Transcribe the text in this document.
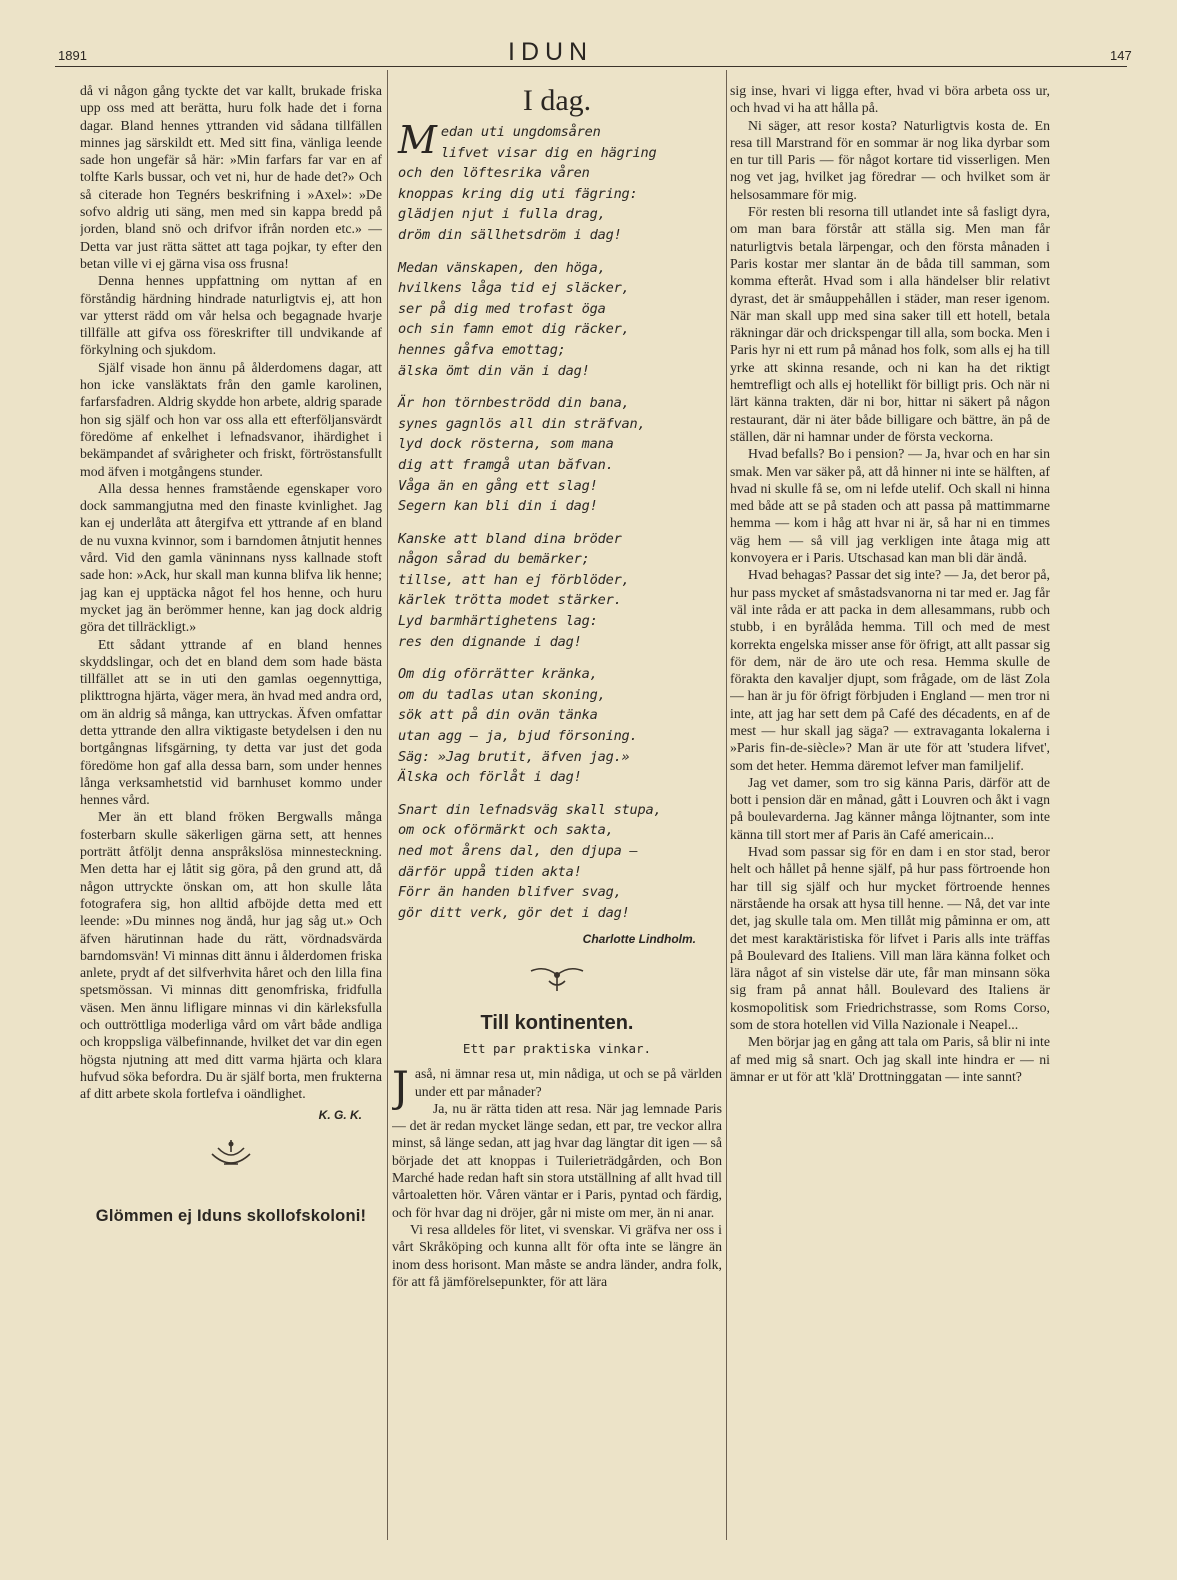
1891	IDUN	147

då vi någon gång tyckte det var kallt, brukade friska upp oss med att berätta, huru folk hade det i forna dagar. Bland hennes yttranden vid sådana tillfällen minnes jag särskildt ett. Med sitt fina, vänliga leende sade hon ungefär så här: »Min farfars far var en af tolfte Karls bussar, och vet ni, hur de hade det?» Och så citerade hon Tegnérs beskrifning i »Axel»: »De sofvo aldrig uti säng, men med sin kappa bredd på jorden, bland snö och drifvor ifrån norden etc.» — Detta var just rätta sättet att taga pojkar, ty efter den betan ville vi ej gärna visa oss frusna!

Denna hennes uppfattning om nyttan af en förståndig härdning hindrade naturligtvis ej, att hon var ytterst rädd om vår helsa och begagnade hvarje tillfälle att gifva oss föreskrifter till undvikande af förkylning och sjukdom.

Själf visade hon ännu på ålderdomens dagar, att hon icke vansläktats från den gamle karolinen, farfarsfadren. Aldrig skydde hon arbete, aldrig sparade hon sig själf och hon var oss alla ett efterföljansvärdt föredöme af enkelhet i lefnadsvanor, ihärdighet i bekämpandet af svårigheter och friskt, förtröstansfullt mod äfven i motgångens stunder.

Alla dessa hennes framstående egenskaper voro dock sammangjutna med den finaste kvinlighet. Jag kan ej underlåta att återgifva ett yttrande af en bland de nu vuxna kvinnor, som i barndomen åtnjutit hennes vård. Vid den gamla väninnans nyss kallnade stoft sade hon: »Ack, hur skall man kunna blifva lik henne; jag kan ej upptäcka något fel hos henne, och huru mycket jag än berömmer henne, kan jag dock aldrig göra det tillräckligt.»

Ett sådant yttrande af en bland hennes skyddslingar, och det en bland dem som hade bästa tillfället att se in uti den gamlas oegennyttiga, plikttrogna hjärta, väger mera, än hvad med andra ord, om än aldrig så många, kan uttryckas. Äfven omfattar detta yttrande den allra viktigaste betydelsen i den nu bortgångnas lifsgärning, ty detta var just det goda föredöme hon gaf alla dessa barn, som under hennes långa verksamhetstid vid barnhuset kommo under hennes vård.

Mer än ett bland fröken Bergwalls många fosterbarn skulle säkerligen gärna sett, att hennes porträtt åtföljt denna anspråkslösa minnesteckning. Men detta har ej låtit sig göra, på den grund att, då någon uttryckte önskan om, att hon skulle låta fotografera sig, hon alltid afböjde detta med ett leende: »Du minnes nog ändå, hur jag såg ut.» Och äfven härutinnan hade du rätt, vördnadsvärda barndomsvän! Vi minnas ditt ännu i ålderdomen friska anlete, prydt af det silfverhvita håret och den lilla fina spetsmössan. Vi minnas ditt genomfriska, fridfulla väsen. Men ännu lifligare minnas vi din kärleksfulla och outtröttliga moderliga vård om vårt både andliga och kroppsliga välbefinnande, hvilket det var din egen högsta njutning att med ditt varma hjärta och klara hufvud söka befordra. Du är själf borta, men frukterna af ditt arbete skola fortlefva i oändlighet.

K. G. K.
Glömmen ej Iduns skollofskoloni!
I dag.
M edan uti ungdomsåren
lifvet visar dig en hägring
och den löftesrika våren
knoppas kring dig uti fägring:
glädjen njut i fulla drag,
dröm din sällhetsdröm i dag!
Medan vänskapen, den höga,
hvilkens låga tid ej släcker,
ser på dig med trofast öga
och sin famn emot dig räcker,
hennes gåfva emottag;
älska ömt din vän i dag!
Är hon törnbeströdd din bana,
synes gagnlös all din sträfvan,
lyd dock rösterna, som mana
dig att framgå utan băfvan.
Våga än en gång ett slag!
Segern kan bli din i dag!
Kanske att bland dina bröder
någon sårad du bemärker;
tillse, att han ej förblöder,
kärlek trötta modet stärker.
Lyd barmhärtighetens lag:
res den dignande i dag!
Om dig oförrätter kränka,
om du tadlas utan skoning,
sök att på din ovän tänka
utan agg — ja, bjud försoning.
Säg: »Jag brutit, äfven jag.»
Älska och förlåt i dag!
Snart din lefnadsväg skall stupa,
om ock oförmärkt och sakta,
ned mot årens dal, den djupa —
därför uppå tiden akta!
Förr än handen blifver svag,
gör ditt verk, gör det i dag!
Charlotte Lindholm.
Till kontinenten.
Ett par praktiska vinkar.

Jaså, ni ämnar resa ut, min nådiga, ut och se på världen under ett par månader?

Ja, nu är rätta tiden att resa. När jag lemnade Paris — det är redan mycket länge sedan, ett par, tre veckor allra minst, så länge sedan, att jag hvar dag längtar dit igen — så började det att knoppas i Tuilerieträdgården, och Bon Marché hade redan haft sin stora utställning af allt hvad till vårtoaletten hör. Våren väntar er i Paris, pyntad och färdig, och för hvar dag ni dröjer, går ni miste om mer, än ni anar.

Vi resa alldeles för litet, vi svenskar. Vi gräfva ner oss i vårt Skråköping och kunna allt för ofta inte se längre än inom dess horisont. Man måste se andra länder, andra folk, för att få jämförelsepunkter, för att lära

sig inse, hvari vi ligga efter, hvad vi böra arbeta oss ur, och hvad vi ha att hålla på.

Ni säger, att resor kosta? Naturligtvis kosta de. En resa till Marstrand för en sommar är nog lika dyrbar som en tur till Paris — för något kortare tid visserligen. Men nog vet jag, hvilket jag föredrar — och hvilket som är helsosammare för mig.

För resten bli resorna till utlandet inte så fasligt dyra, om man bara förstår att ställa sig. Men man får naturligtvis betala lärpengar, och den första månaden i Paris kostar mer slantar än de båda till samman, som komma efteråt. Hvad som i alla händelser blir relativt dyrast, det är småuppehållen i städer, man reser igenom. När man skall upp med sina saker till ett hotell, betala räkningar där och drickspengar till alla, som bocka. Men i Paris hyr ni ett rum på månad hos folk, som alls ej ha till yrke att skinna resande, och ni kan ha det riktigt hemtrefligt och alls ej hotellikt för billigt pris. Och när ni lärt känna trakten, där ni bor, hittar ni säkert på någon restaurant, där ni äter både billigare och bättre, än på de ställen, där ni hamnar under de första veckorna.

Hvad befalls? Bo i pension? — Ja, hvar och en har sin smak. Men var säker på, att då hinner ni inte se hälften, af hvad ni skulle få se, om ni lefde utelif. Och skall ni hinna med både att se på staden och att passa på mattimmarne hemma — kom i håg att hvar ni är, så har ni en timmes väg hem — så vill jag verkligen inte åtaga mig att konvoyera er i Paris. Utschasad kan man bli där ändå.

Hvad behagas? Passar det sig inte? — Ja, det beror på, hur pass mycket af småstadsvanorna ni tar med er. Jag får väl inte råda er att packa in dem allesammans, rubb och stubb, i en byrålåda hemma. Till och med de mest korrekta engelska misser anse för öfrigt, att allt passar sig för dem, när de äro ute och resa. Hemma skulle de förakta den kavaljer djupt, som frågade, om de läst Zola — han är ju för öfrigt förbjuden i England — men tror ni inte, att jag har sett dem på Café des décadents, en af de mest — hur skall jag säga? — extravaganta lokalerna i »Paris fin-de-siècle»? Man är ute för att 'studera lifvet', som det heter. Hemma däremot lefver man familjelif.

Jag vet damer, som tro sig känna Paris, därför att de bott i pension där en månad, gått i Louvren och åkt i vagn på boulevarderna. Jag känner många löjtnanter, som inte känna till stort mer af Paris än Café americain...

Hvad som passar sig för en dam i en stor stad, beror helt och hållet på henne själf, på hur pass förtroende hon har till sig själf och hur mycket förtroende hennes närstående ha orsak att hysa till henne. — Nå, det var inte det, jag skulle tala om. Men tillåt mig påminna er om, att det mest karaktäristiska för lifvet i Paris alls inte träffas på Boulevard des Italiens. Vill man lära känna folket och lära något af sin vistelse där ute, får man minsann söka sig fram på annat håll. Boulevard des Italiens är kosmopolitisk som Friedrichstrasse, som Roms Corso, som de stora hotellen vid Villa Nazionale i Neapel...

Men börjar jag en gång att tala om Paris, så blir ni inte af med mig så snart. Och jag skall inte hindra er — ni ämnar er ut för att 'klä' Drottninggatan — inte sannt?
